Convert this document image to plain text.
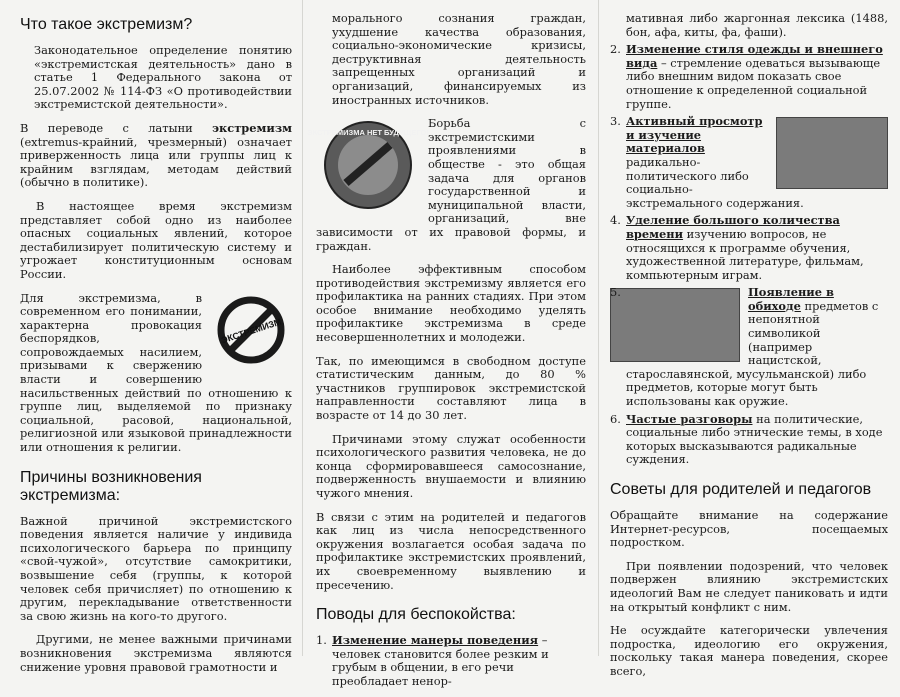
Что такое экстремизм?

Законодательное определение понятию «экстремистская деятельность» дано в статье 1 Федерального закона от 25.07.2002 № 114-ФЗ «О противодействии экстремистской деятельности».

В переводе с латыни экстремизм (extremus-крайний, чрезмерный) означает приверженность лица или группы лиц к крайним взглядам, методам действий (обычно в политике).

В настоящее время экстремизм представляет собой одно из наиболее опасных социальных явлений, которое дестабилизирует политическую систему и угрожает конституционным основам России.

ЭКСТРЕМИЗМ

Для экстремизма, в современном его понимании, характерна провокация беспорядков, сопровождаемых насилием, призывами к свержению власти и совершению насильственных действий по отношению к группе лиц, выделяемой по признаку социальной, расовой, национальной, религиозной или языковой принадлежности или отношения к религии.

Причины возникновения экстремизма:

Важной причиной экстремистского поведения является наличие у индивида психологического барьера по принципу «свой-чужой», отсутствие самокритики, возвышение себя (группы, к которой человек себя причисляет) по отношению к другим, перекладывание ответственности за свою жизнь на кого-то другого.

Другими, не менее важными причинами возникновения экстремизма являются снижение уровня правовой грамотности и

морального сознания граждан, ухудшение качества образования, социально-экономические кризисы, деструктивная деятельность запрещенных организаций и организаций, финансируемых из иностранных источников.

ЭКСТРЕМИЗМА НЕТ БУДУЩЕГО!

Борьба с экстремистскими проявлениями в обществе - это общая задача для органов государственной и муниципальной власти, организаций, вне зависимости от их правовой формы, и граждан.

Наиболее эффективным способом противодействия экстремизму является его профилактика на ранних стадиях. При этом особое внимание необходимо уделять профилактике экстремизма в среде несовершеннолетних и молодежи.

Так, по имеющимся в свободном доступе статистическим данным, до 80 % участников группировок экстремистской направленности составляют лица в возрасте от 14 до 30 лет.

Причинами этому служат особенности психологического развития человека, не до конца сформировавшееся самосознание, подверженность внушаемости и влиянию чужого мнения.

В связи с этим на родителей и педагогов как лиц из числа непосредственного окружения возлагается особая задача по профилактике экстремистских проявлений, их своевременному выявлению и пресечению.

Поводы для беспокойства:
1. Изменение манеры поведения – человек становится более резким и грубым в общении, в его речи преобладает ненор-

мативная либо жаргонная лексика (1488, бон, афа, киты, фа, фаши).

2. Изменение стиля одежды и внешнего вида – стремление одеваться вызывающе либо внешним видом показать свое отношение к определенной социальной группе.
3. Активный просмотр и изучение материалов радикально-политического либо социально-экстремального содержания.
4. Уделение большого количества времени изучению вопросов, не относящихся к программе обучения, художественной литературе, фильмам, компьютерным играм.
5.	Появление в обиходе предметов с непонятной символикой (например нацистской, старославянской, мусульманской) либо предметов, которые могут быть использованы как оружие.
6. Частые разговоры на политические, социальные либо этнические темы, в ходе которых высказываются радикальные суждения.
Советы для родителей и педагогов

Обращайте внимание на содержание Интернет-ресурсов, посещаемых подростком.

При появлении подозрений, что человек подвержен влиянию экстремистских идеологий Вам не следует паниковать и идти на открытый конфликт с ним.

Не осуждайте категорически увлечения подростка, идеологию его окружения, поскольку такая манера поведения, скорее всего,
